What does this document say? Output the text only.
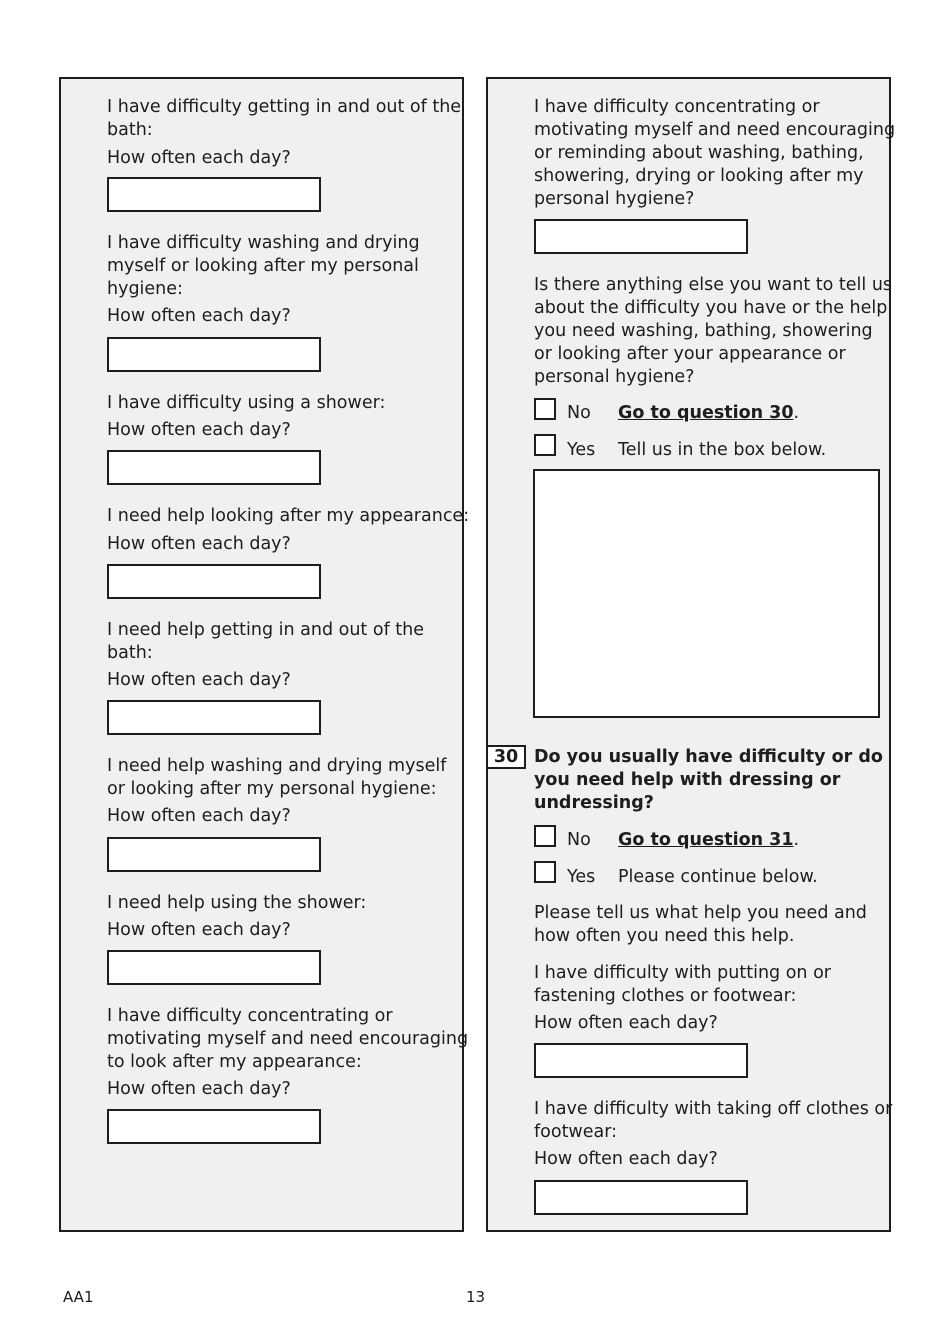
I have difficulty getting in and out of the
bath:

How often each day?

I have difficulty washing and drying
myself or looking after my personal
hygiene:

How often each day?

I have difficulty using a shower:

How often each day?

I need help looking after my appearance:

How often each day?

I need help getting in and out of the
bath:

How often each day?

I need help washing and drying myself
or looking after my personal hygiene:

How often each day?

I need help using the shower:

How often each day?

I have difficulty concentrating or
motivating myself and need encouraging
to look after my appearance:

How often each day?

I have difficulty concentrating or
motivating myself and need encouraging
or reminding about washing, bathing,
showering, drying or looking after my
personal hygiene?

Is there anything else you want to tell us
about the difficulty you have or the help
you need washing, bathing, showering
or looking after your appearance or
personal hygiene?

No Go to question 30.
Yes Tell us in the box below.
30 Do you usually have difficulty or do
you need help with dressing or
undressing?

No Go to question 31.
Yes Please continue below.

Please tell us what help you need and
how often you need this help.

I have difficulty with putting on or
fastening clothes or footwear:

How often each day?

I have difficulty with taking off clothes or
footwear:

How often each day?

AA1	13
